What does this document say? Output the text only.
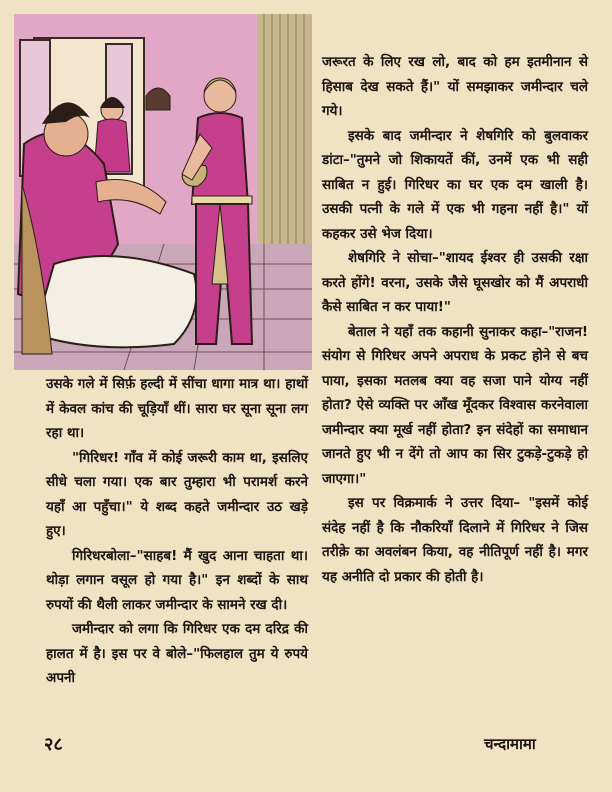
जरूरत के लिए रख लो, बाद को हम इतमीनान से हिसाब देख सकते हैं।" यों समझाकर जमीन्दार चले गये।

इसके बाद जमीन्दार ने शेषगिरि को बुलवाकर डांटा–"तुमने जो शिकायतें कीं, उनमें एक भी सही साबित न हुई। गिरिधर का घर एक दम खाली है। उसकी पत्नी के गले में एक भी गहना नहीं है।" यों कहकर उसे भेज दिया।

शेषगिरि ने सोचा–"शायद ईश्वर ही उसकी रक्षा करते होंगे! वरना, उसके जैसे घूसखोर को मैं अपराधी कैसे साबित न कर पाया!"

बेताल ने यहाँ तक कहानी सुनाकर कहा–"राजन! संयोग से गिरिधर अपने अपराध के प्रकट होने से बच पाया, इसका मतलब क्या वह सजा पाने योग्य नहीं होता? ऐसे व्यक्ति पर आँख मूँदकर विश्वास करनेवाला जमीन्दार क्या मूर्ख नहीं होता? इन संदेहों का समाधान जानते हुए भी न देंगे तो आप का सिर टुकड़े-टुकड़े हो जाएगा।"

इस पर विक्रमार्क ने उत्तर दिया– "इसमें कोई संदेह नहीं है कि नौकरियाँ दिलाने में गिरिधर ने जिस तरीक़े का अवलंबन किया, वह नीतिपूर्ण नहीं है। मगर यह अनीति दो प्रकार की होती है।

उसके गले में सिर्फ़ हल्दी में सींचा धागा मात्र था। हाथों में केवल कांच की चूड़ियाँ थीं। सारा घर सूना सूना लग रहा था।

"गिरिधर! गाँव में कोई जरूरी काम था, इसलिए सीधे चला गया। एक बार तुम्हारा भी परामर्श करने यहाँ आ पहुँचा।" ये शब्द कहते जमीन्दार उठ खड़े हुए।

गिरिधरबोला–"साहब! मैं खुद आना चाहता था। थोड़ा लगान वसूल हो गया है।" इन शब्दों के साथ रुपयों की थैली लाकर जमीन्दार के सामने रख दी।

जमीन्दार को लगा कि गिरिधर एक दम दरिद्र की हालत में है। इस पर वे बोले–"फिलहाल तुम ये रुपये अपनी

२८	चन्दामामा
